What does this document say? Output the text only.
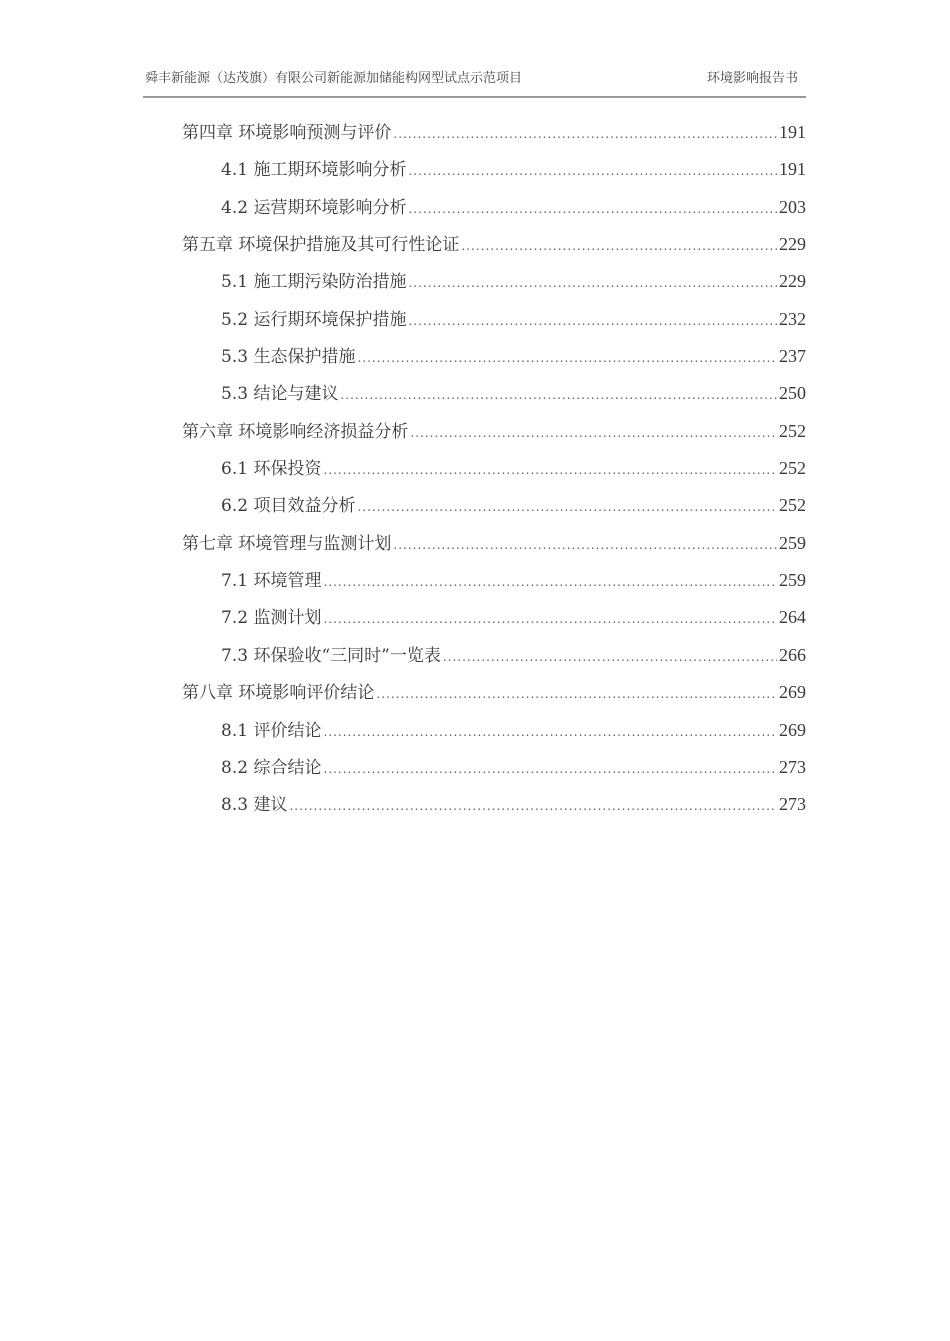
舜丰新能源（达茂旗）有限公司新能源加储能构网型试点示范项目	环境影响报告书
第四章 环境影响预测与评价 .....	191
4.1 施工期环境影响分析 .....	191
4.2 运营期环境影响分析 .....	203
第五章 环境保护措施及其可行性论证 .....	229
5.1 施工期污染防治措施 .....	229
5.2 运行期环境保护措施 .....	232
5.3 生态保护措施 .....	237
5.3 结论与建议 .....	250
第六章 环境影响经济损益分析 .....	252
6.1 环保投资 .....	252
6.2 项目效益分析 .....	252
第七章 环境管理与监测计划 .....	259
7.1 环境管理 .....	259
7.2 监测计划 .....	264
7.3 环保验收“三同时”一览表 .....	266
第八章 环境影响评价结论 .....	269
8.1 评价结论 .....	269
8.2 综合结论 .....	273
8.3 建议 .....	273
